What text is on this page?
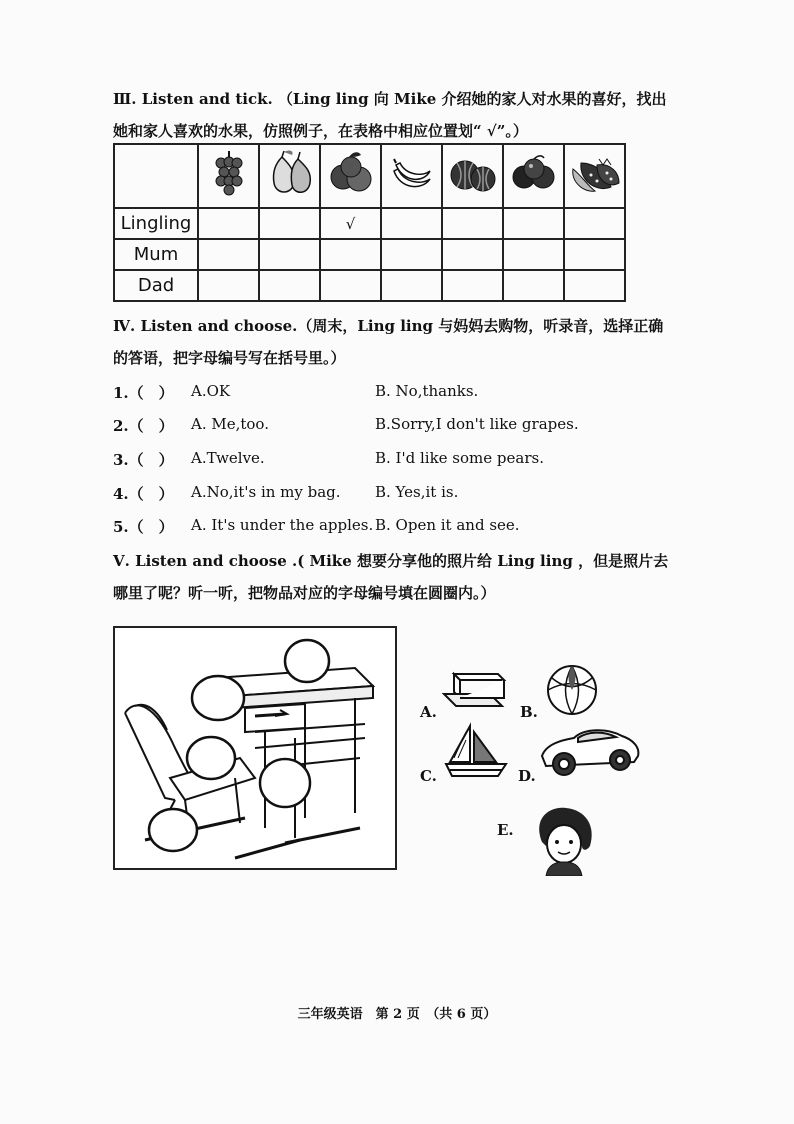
Ⅲ. Listen and tick. （Ling ling 向 Mike 介绍她的家人对水果的喜好，找出
她和家人喜欢的水果，仿照例子，在表格中相应位置划“ √”。）

Lingling			√				
Mum							
Dad							
Ⅳ. Listen and choose.（周末，Ling ling 与妈妈去购物，听录音，选择正确
的答语，把字母编号写在括号里。）
1.（　） A.OK	B. No,thanks.
2.（　） A. Me,too.	B.Sorry,I don't like grapes.
3.（　） A.Twelve.	B. I'd like some pears.
4.（　） A.No,it's in my bag. B. Yes,it is.
5.（　） A. It's under the apples. B. Open it and see.
Ⅴ. Listen and choose .( Mike 想要分享他的照片给 Ling ling ，但是照片去
哪里了呢？听一听，把物品对应的字母编号填在圆圈内。）
A.	B.
C.	D.
E.
三年级英语　第 2 页　（共 6 页）
